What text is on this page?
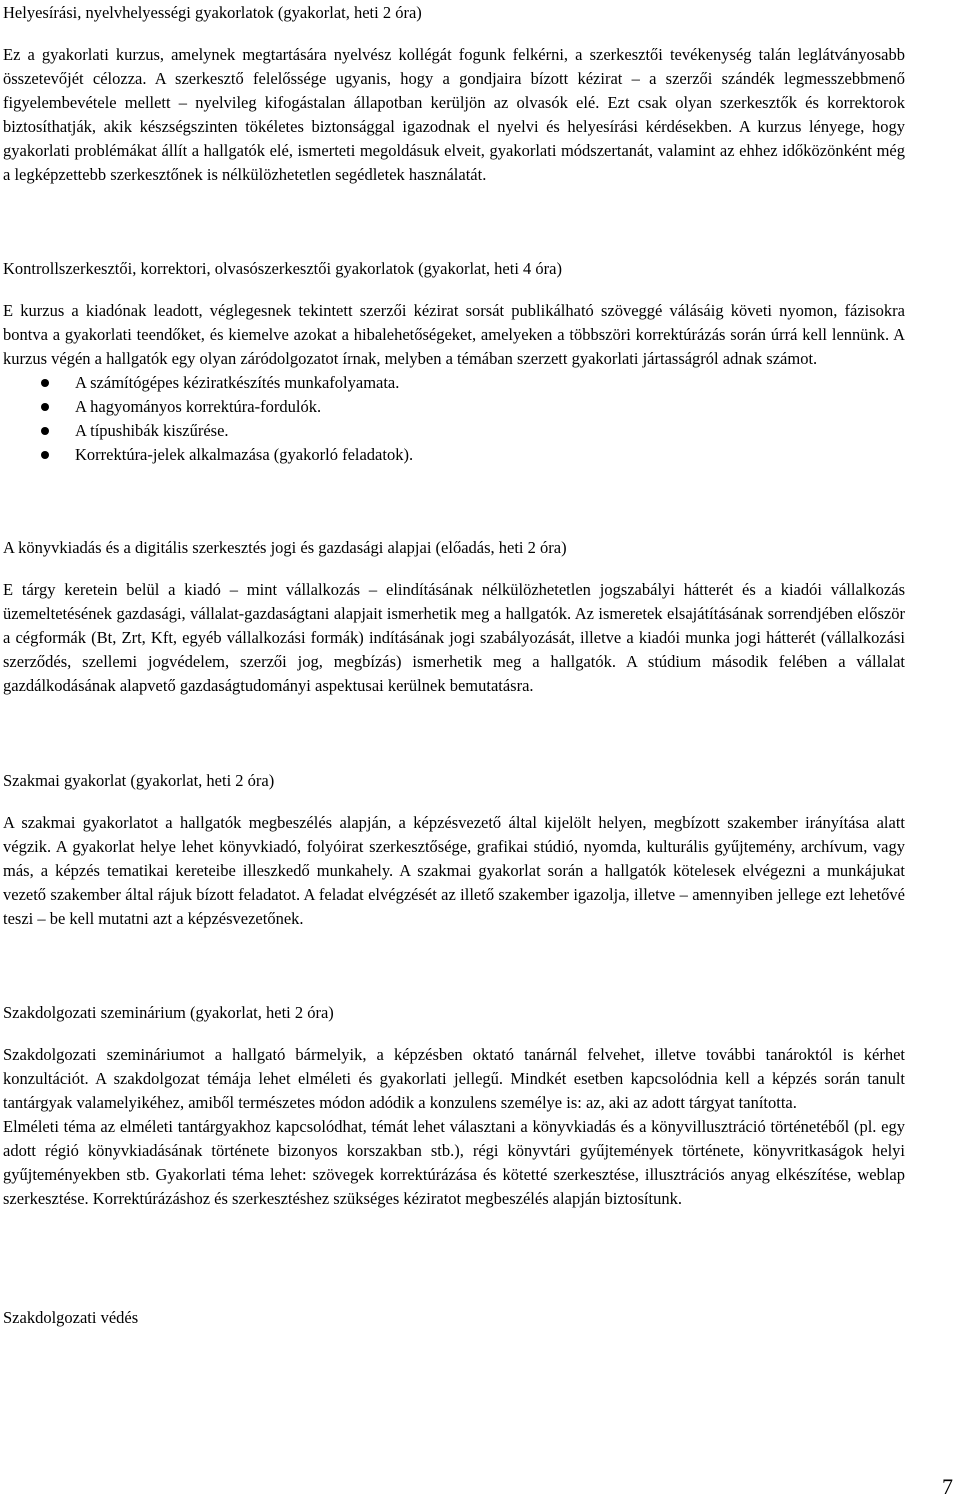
Helyesírási, nyelvhelyességi gyakorlatok (gyakorlat, heti 2 óra)

Ez a gyakorlati kurzus, amelynek megtartására nyelvész kollégát fogunk felkérni, a szerkesztői tevékenység talán leglátványosabb összetevőjét célozza. A szerkesztő felelőssége ugyanis, hogy a gondjaira bízott kézirat – a szerzői szándék legmesszebbmenő figyelembevétele mellett – nyelvileg kifogástalan állapotban kerüljön az olvasók elé. Ezt csak olyan szerkesztők és korrektorok biztosíthatják, akik készségszinten tökéletes biztonsággal igazodnak el nyelvi és helyesírási kérdésekben. A kurzus lényege, hogy gyakorlati problémákat állít a hallgatók elé, ismerteti megoldásuk elveit, gyakorlati módszertanát, valamint az ehhez időközönként még a legképzettebb szerkesztőnek is nélkülözhetetlen segédletek használatát.

Kontrollszerkesztői, korrektori, olvasószerkesztői gyakorlatok (gyakorlat, heti 4 óra)

E kurzus a kiadónak leadott, véglegesnek tekintett szerzői kézirat sorsát publikálható szöveggé válásáig követi nyomon, fázisokra bontva a gyakorlati teendőket, és kiemelve azokat a hibalehetőségeket, amelyeken a többszöri korrektúrázás során úrrá kell lennünk. A kurzus végén a hallgatók egy olyan záródolgozatot írnak, melyben a témában szerzett gyakorlati jártasságról adnak számot.

A számítógépes kéziratkészítés munkafolyamata.
A hagyományos korrektúra-fordulók.
A típushibák kiszűrése.
Korrektúra-jelek alkalmazása (gyakorló feladatok).

A könyvkiadás és a digitális szerkesztés jogi és gazdasági alapjai (előadás, heti 2 óra)

E tárgy keretein belül a kiadó – mint vállalkozás – elindításának nélkülözhetetlen jogszabályi hátterét és a kiadói vállalkozás üzemeltetésének gazdasági, vállalat-gazdaságtani alapjait ismerhetik meg a hallgatók. Az ismeretek elsajátításának sorrendjében először a cégformák (Bt, Zrt, Kft, egyéb vállalkozási formák) indításának jogi szabályozását, illetve a kiadói munka jogi hátterét (vállalkozási szerződés, szellemi jogvédelem, szerzői jog, megbízás) ismerhetik meg a hallgatók. A stúdium második felében a vállalat gazdálkodásának alapvető gazdaságtudományi aspektusai kerülnek bemutatásra.

Szakmai gyakorlat (gyakorlat, heti 2 óra)

A szakmai gyakorlatot a hallgatók megbeszélés alapján, a képzésvezető által kijelölt helyen, megbízott szakember irányítása alatt végzik. A gyakorlat helye lehet könyvkiadó, folyóirat szerkesztősége, grafikai stúdió, nyomda, kulturális gyűjtemény, archívum, vagy más, a képzés tematikai kereteibe illeszkedő munkahely. A szakmai gyakorlat során a hallgatók kötelesek elvégezni a munkájukat vezető szakember által rájuk bízott feladatot. A feladat elvégzését az illető szakember igazolja, illetve – amennyiben jellege ezt lehetővé teszi – be kell mutatni azt a képzésvezetőnek.

Szakdolgozati szeminárium (gyakorlat, heti 2 óra)

Szakdolgozati szemináriumot a hallgató bármelyik, a képzésben oktató tanárnál felvehet, illetve további tanároktól is kérhet konzultációt. A szakdolgozat témája lehet elméleti és gyakorlati jellegű. Mindkét esetben kapcsolódnia kell a képzés során tanult tantárgyak valamelyikéhez, amiből természetes módon adódik a konzulens személye is: az, aki az adott tárgyat tanította.

Elméleti téma az elméleti tantárgyakhoz kapcsolódhat, témát lehet választani a könyvkiadás és a könyvillusztráció történetéből (pl. egy adott régió könyvkiadásának története bizonyos korszakban stb.), régi könyvtári gyűjtemények története, könyvritkaságok helyi gyűjteményekben stb. Gyakorlati téma lehet: szövegek korrektúrázása és kötetté szerkesztése, illusztrációs anyag elkészítése, weblap szerkesztése. Korrektúrázáshoz és szerkesztéshez szükséges kéziratot megbeszélés alapján biztosítunk.

Szakdolgozati védés

7
